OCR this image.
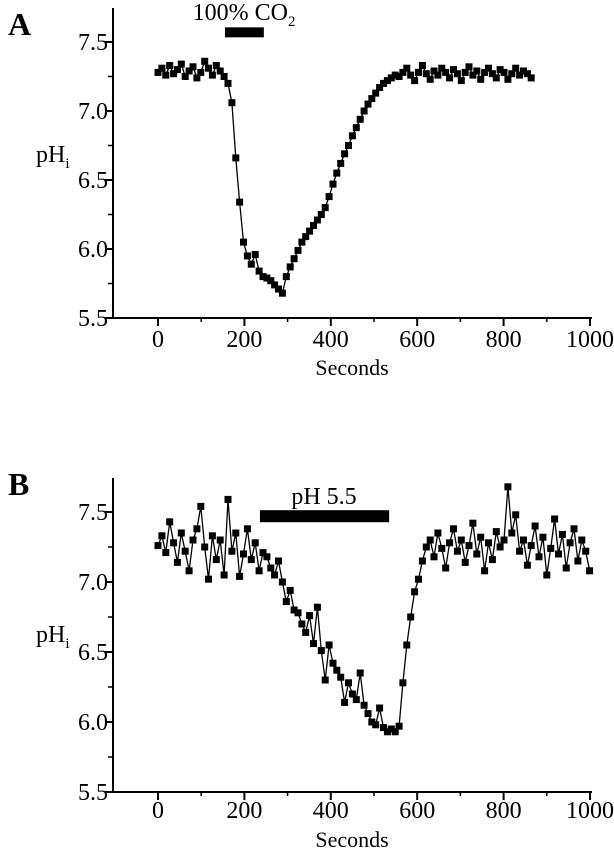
0	200 400 600 800 1000
7.5
7.0
6.5
6.0
5.5
A	100% $CO_2$
$pH_i$
Seconds
0	200 400 600 800 1000
7.5
7.0
6.5
6.0
5.5
B	pH 5.5
$pH_i$
Seconds
